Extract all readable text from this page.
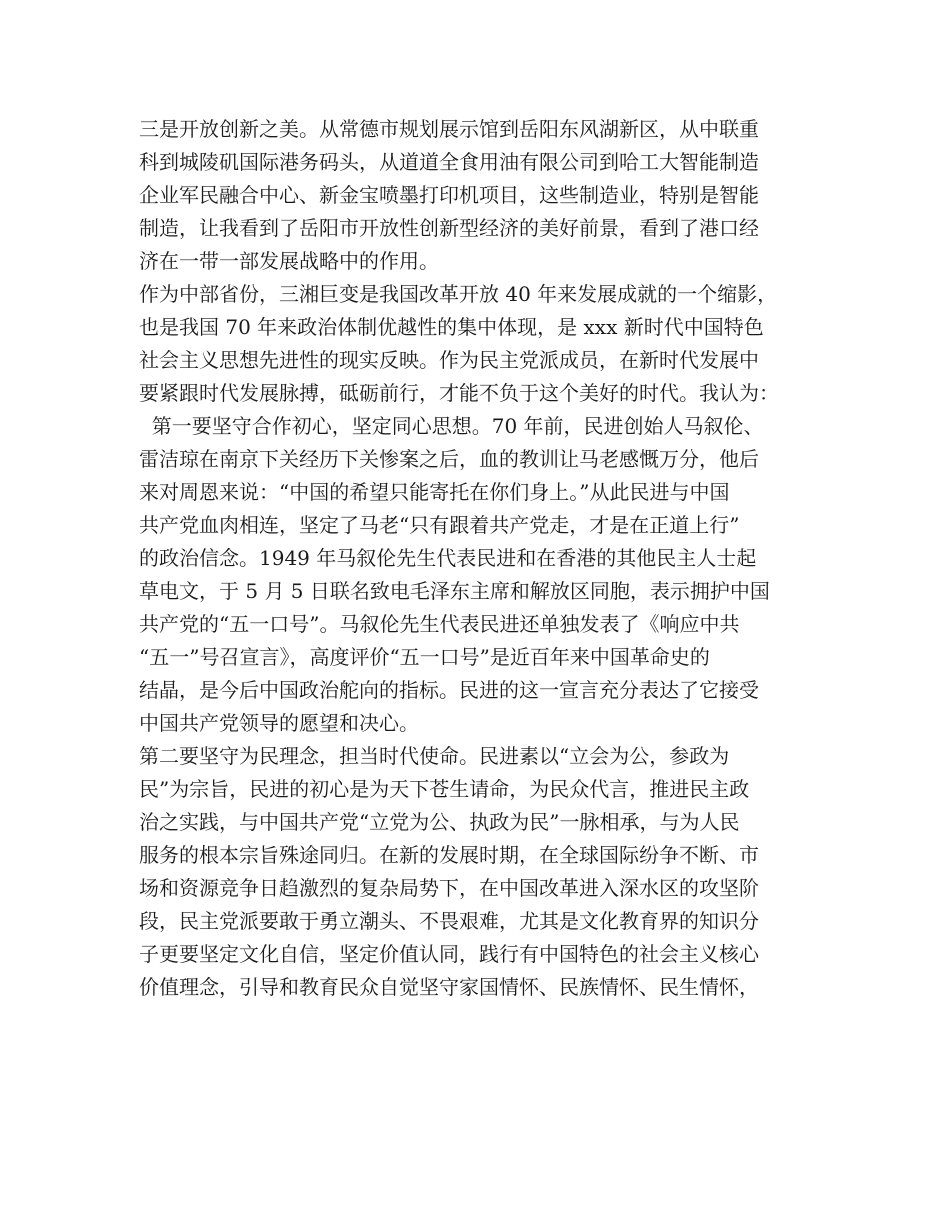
三是开放创新之美。从常德市规划展示馆到岳阳东风湖新区，从中联重
科到城陵矶国际港务码头，从道道全食用油有限公司到哈工大智能制造
企业军民融合中心、新金宝喷墨打印机项目，这些制造业，特别是智能
制造，让我看到了岳阳市开放性创新型经济的美好前景，看到了港口经
济在一带一部发展战略中的作用。
作为中部省份，三湘巨变是我国改革开放 40 年来发展成就的一个缩影，
也是我国 70 年来政治体制优越性的集中体现，是 xxx 新时代中国特色
社会主义思想先进性的现实反映。作为民主党派成员，在新时代发展中
要紧跟时代发展脉搏，砥砺前行，才能不负于这个美好的时代。我认为：
第一要坚守合作初心，坚定同心思想。70 年前，民进创始人马叙伦、
雷洁琼在南京下关经历下关惨案之后，血的教训让马老感慨万分，他后
来对周恩来说：“中国的希望只能寄托在你们身上。”从此民进与中国
共产党血肉相连，坚定了马老“只有跟着共产党走，才是在正道上行”
的政治信念。1949 年马叙伦先生代表民进和在香港的其他民主人士起
草电文，于 5 月 5 日联名致电毛泽东主席和解放区同胞，表示拥护中国
共产党的“五一口号”。马叙伦先生代表民进还单独发表了《响应中共
“五一”号召宣言》，高度评价“五一口号”是近百年来中国革命史的
结晶，是今后中国政治舵向的指标。民进的这一宣言充分表达了它接受
中国共产党领导的愿望和决心。
第二要坚守为民理念，担当时代使命。民进素以“立会为公，参政为
民”为宗旨，民进的初心是为天下苍生请命，为民众代言，推进民主政
治之实践，与中国共产党“立党为公、执政为民”一脉相承，与为人民
服务的根本宗旨殊途同归。在新的发展时期，在全球国际纷争不断、市
场和资源竞争日趋激烈的复杂局势下，在中国改革进入深水区的攻坚阶
段，民主党派要敢于勇立潮头、不畏艰难，尤其是文化教育界的知识分
子更要坚定文化自信，坚定价值认同，践行有中国特色的社会主义核心
价值理念，引导和教育民众自觉坚守家国情怀、民族情怀、民生情怀，
